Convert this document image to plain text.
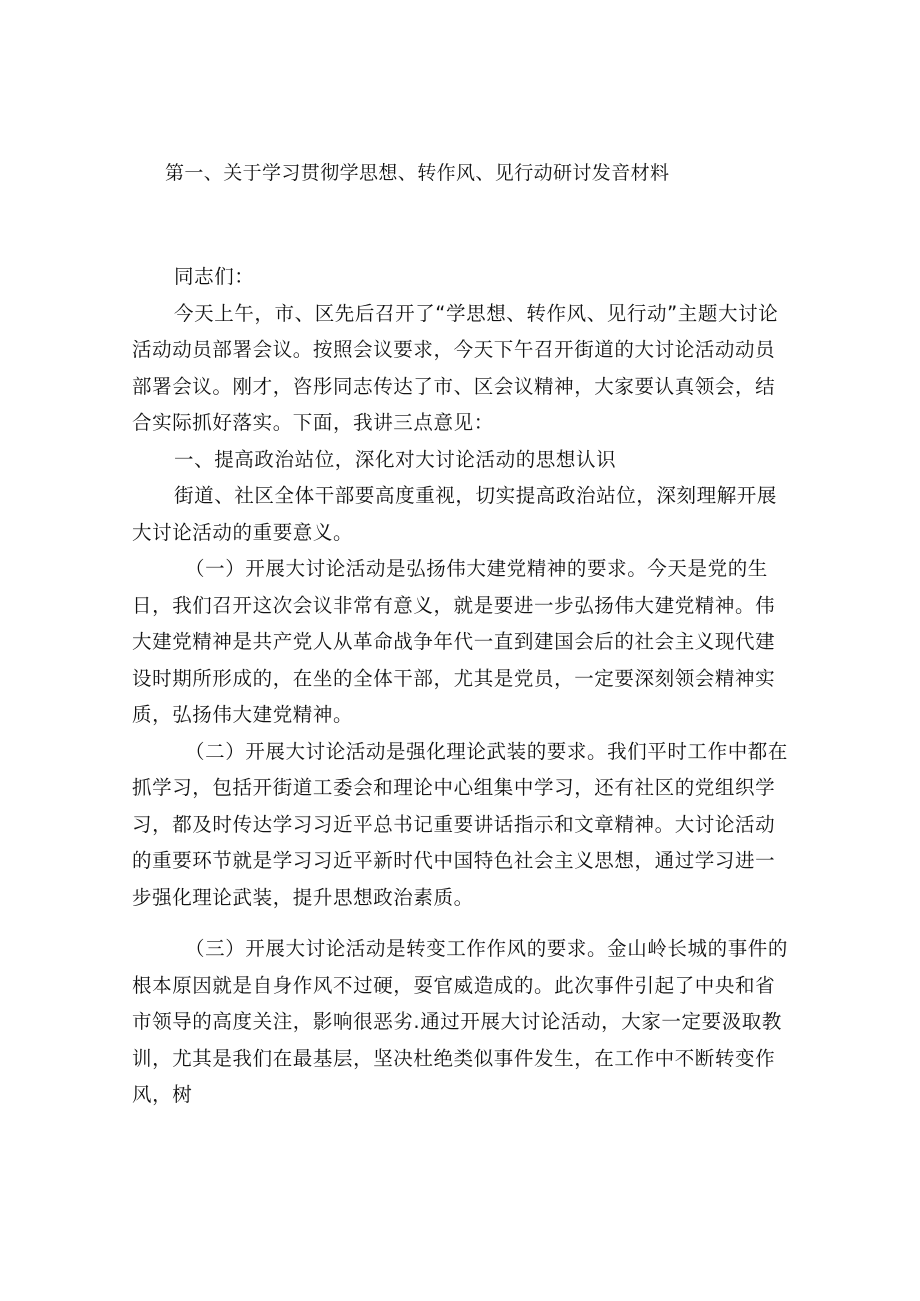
第一、关于学习贯彻学思想、转作风、见行动研讨发音材料

同志们：

今天上午，市、区先后召开了“学思想、转作风、见行动”主题大讨论活动动员部署会议。按照会议要求，今天下午召开街道的大讨论活动动员部署会议。刚才，咨彤同志传达了市、区会议精神，大家要认真领会，结合实际抓好落实。下面，我讲三点意见：

一、提高政治站位，深化对大讨论活动的思想认识

街道、社区全体干部要高度重视，切实提高政治站位，深刻理解开展大讨论活动的重要意义。

（一）开展大讨论活动是弘扬伟大建党精神的要求。今天是党的生日，我们召开这次会议非常有意义，就是要进一步弘扬伟大建党精神。伟大建党精神是共产党人从革命战争年代一直到建国会后的社会主义现代建设时期所形成的，在坐的全体干部，尤其是党员，一定要深刻领会精神实质，弘扬伟大建党精神。

（二）开展大讨论活动是强化理论武装的要求。我们平时工作中都在抓学习，包括开街道工委会和理论中心组集中学习，还有社区的党组织学习，都及时传达学习习近平总书记重要讲话指示和文章精神。大讨论活动的重要环节就是学习习近平新时代中国特色社会主义思想，通过学习进一步强化理论武装，提升思想政治素质。

（三）开展大讨论活动是转变工作作风的要求。金山岭长城的事件的根本原因就是自身作风不过硬，耍官威造成的。此次事件引起了中央和省市领导的高度关注，影响很恶劣.通过开展大讨论活动，大家一定要汲取教训，尤其是我们在最基层，坚决杜绝类似事件发生，在工作中不断转变作风，树
